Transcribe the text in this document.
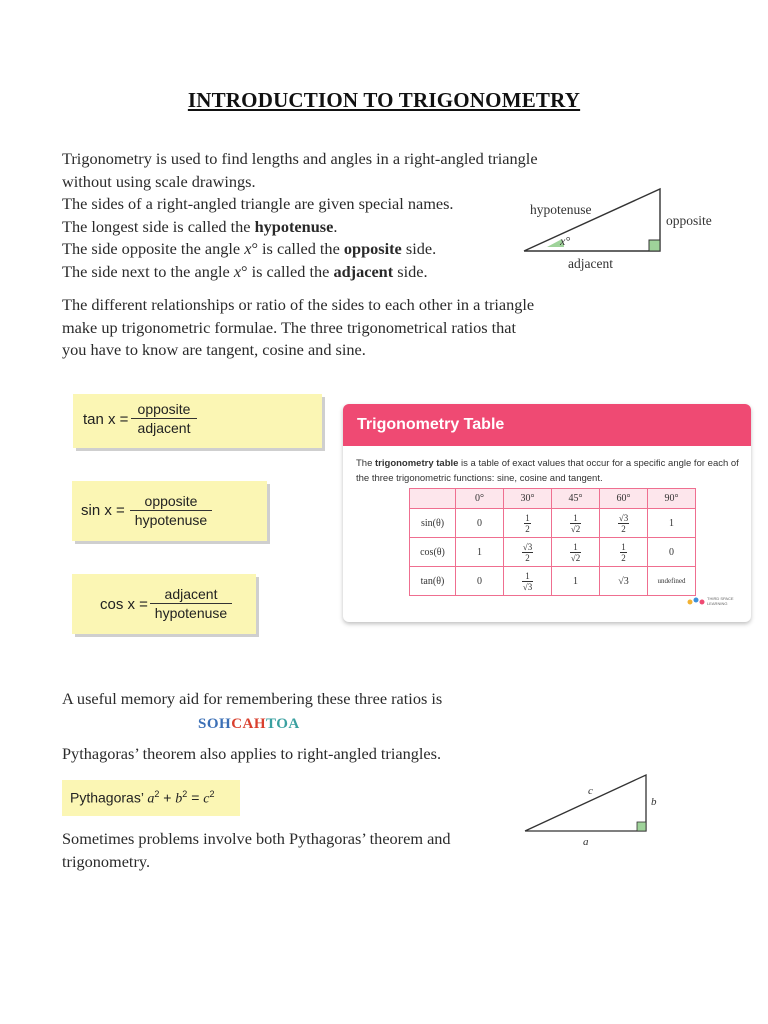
INTRODUCTION TO TRIGONOMETRY
Trigonometry is used to find lengths and angles in a right-angled triangle
without using scale drawings.
The sides of a right-angled triangle are given special names.
The longest side is called the hypotenuse.
The side opposite the angle x° is called the opposite side.
The side next to the angle x° is called the adjacent side.
hypotenuse
opposite
adjacent
x°
The different relationships or ratio of the sides to each other in a triangle
make up trigonometric formulae. The three trigonometrical ratios that
you have to know are tangent, cosine and sine.
tan x =
opposite
adjacent
sin x =
opposite
hypotenuse
cos x =
adjacent
hypotenuse
Trigonometry Table
The trigonometry table is a table of exact values that occur for a specific angle for each of the three trigonometric functions: sine, cosine and tangent.
	0°	30°	45°	60°	90°
sin(θ)	0	$\frac{1}{2}$	$\frac{1}{√2}$	$\frac{√3}{2}$	1
cos(θ)	1	$\frac{√3}{2}$	$\frac{1}{√2}$	$\frac{1}{2}$	0
tan(θ)	0	$\frac{1}{√3}$	1	√3	undefined
THIRD SPACE LEARNING
A useful memory aid for remembering these three ratios is
SOHCAHTOA
Pythagoras’ theorem also applies to right-angled triangles.
Pythagoras’ $a^2 + b^2 = c^2$	c
b
a
Sometimes problems involve both Pythagoras’ theorem and
trigonometry.
